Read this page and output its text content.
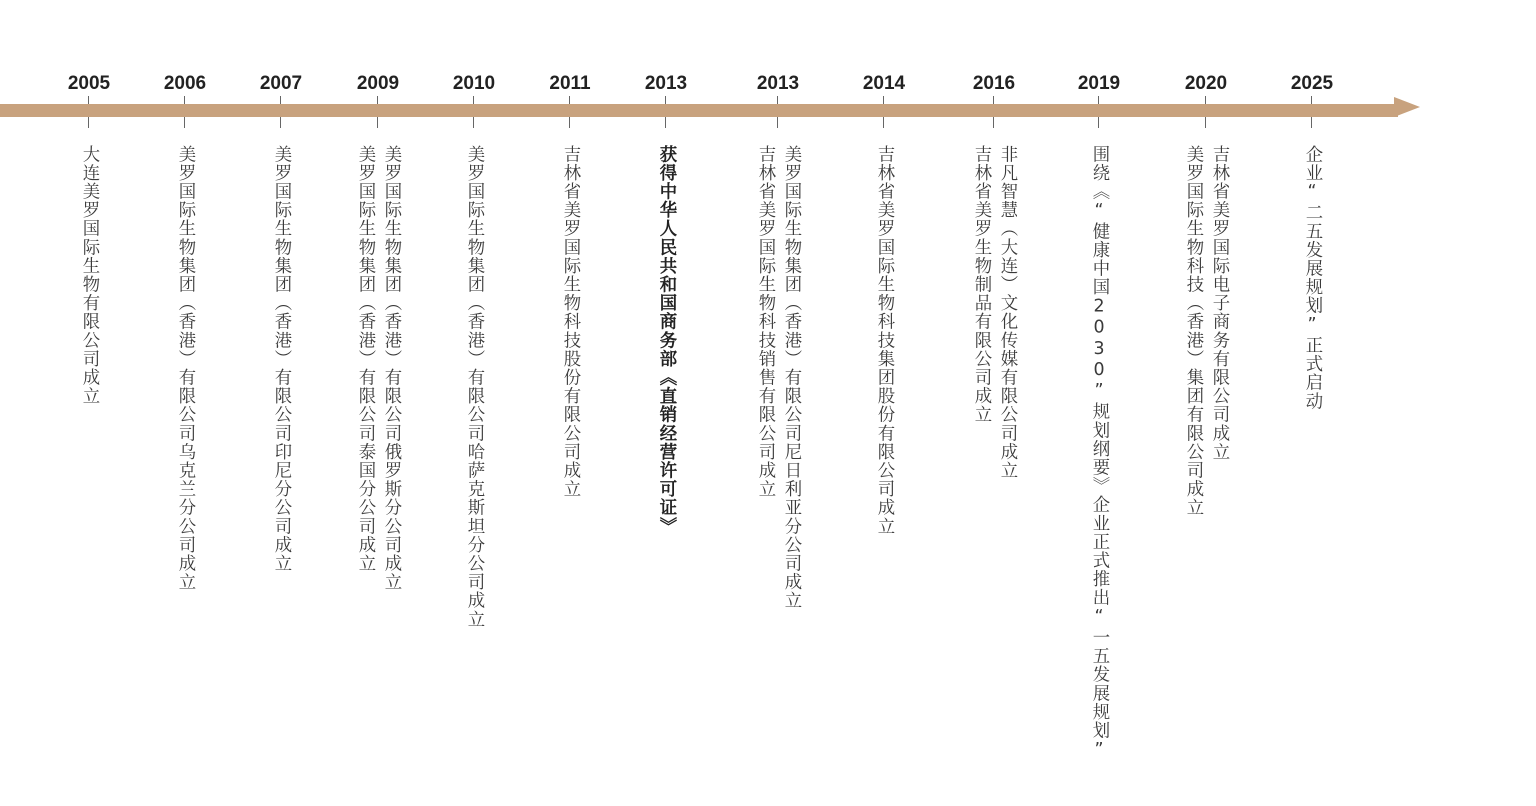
2005
大连美罗国际生物有限公司成立
2006
美罗国际生物集团（香港）有限公司乌克兰分公司成立
2007
美罗国际生物集团（香港）有限公司印尼分公司成立
2009
美罗国际生物集团（香港）有限公司俄罗斯分公司成立
美罗国际生物集团（香港）有限公司泰国分公司成立
2010
美罗国际生物集团（香港）有限公司哈萨克斯坦分公司成立
2011
吉林省美罗国际生物科技股份有限公司成立
2013
获得中华人民共和国商务部《直销经营许可证》
2013
美罗国际生物集团（香港）有限公司尼日利亚分公司成立
吉林省美罗国际生物科技销售有限公司成立
2014
吉林省美罗国际生物科技集团股份有限公司成立
2016
非凡智慧（大连）文化传媒有限公司成立
吉林省美罗生物制品有限公司成立
2019
围绕《“健康中国2030”规划纲要》企业正式推出“一五发展规划”
2020
吉林省美罗国际电子商务有限公司成立
美罗国际生物科技（香港）集团有限公司成立
2025
企业“二五发展规划”正式启动
